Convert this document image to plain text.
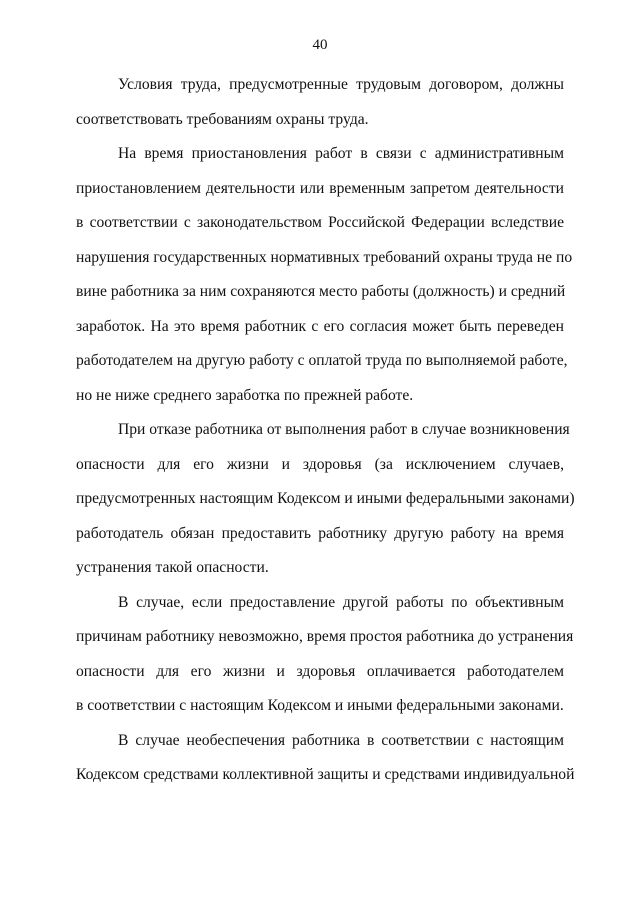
40

Условия труда, предусмотренные трудовым договором, должны
соответствовать требованиям охраны труда.

На время приостановления работ в связи с административным
приостановлением деятельности или временным запретом деятельности
в соответствии с законодательством Российской Федерации вследствие
нарушения государственных нормативных требований охраны труда не по
вине работника за ним сохраняются место работы (должность) и средний
заработок. На это время работник с его согласия может быть переведен
работодателем на другую работу с оплатой труда по выполняемой работе,
но не ниже среднего заработка по прежней работе.

При отказе работника от выполнения работ в случае возникновения
опасности для его жизни и здоровья (за исключением случаев,
предусмотренных настоящим Кодексом и иными федеральными законами)
работодатель обязан предоставить работнику другую работу на время
устранения такой опасности.

В случае, если предоставление другой работы по объективным
причинам работнику невозможно, время простоя работника до устранения
опасности для его жизни и здоровья оплачивается работодателем
в соответствии с настоящим Кодексом и иными федеральными законами.

В случае необеспечения работника в соответствии с настоящим
Кодексом средствами коллективной защиты и средствами индивидуальной
